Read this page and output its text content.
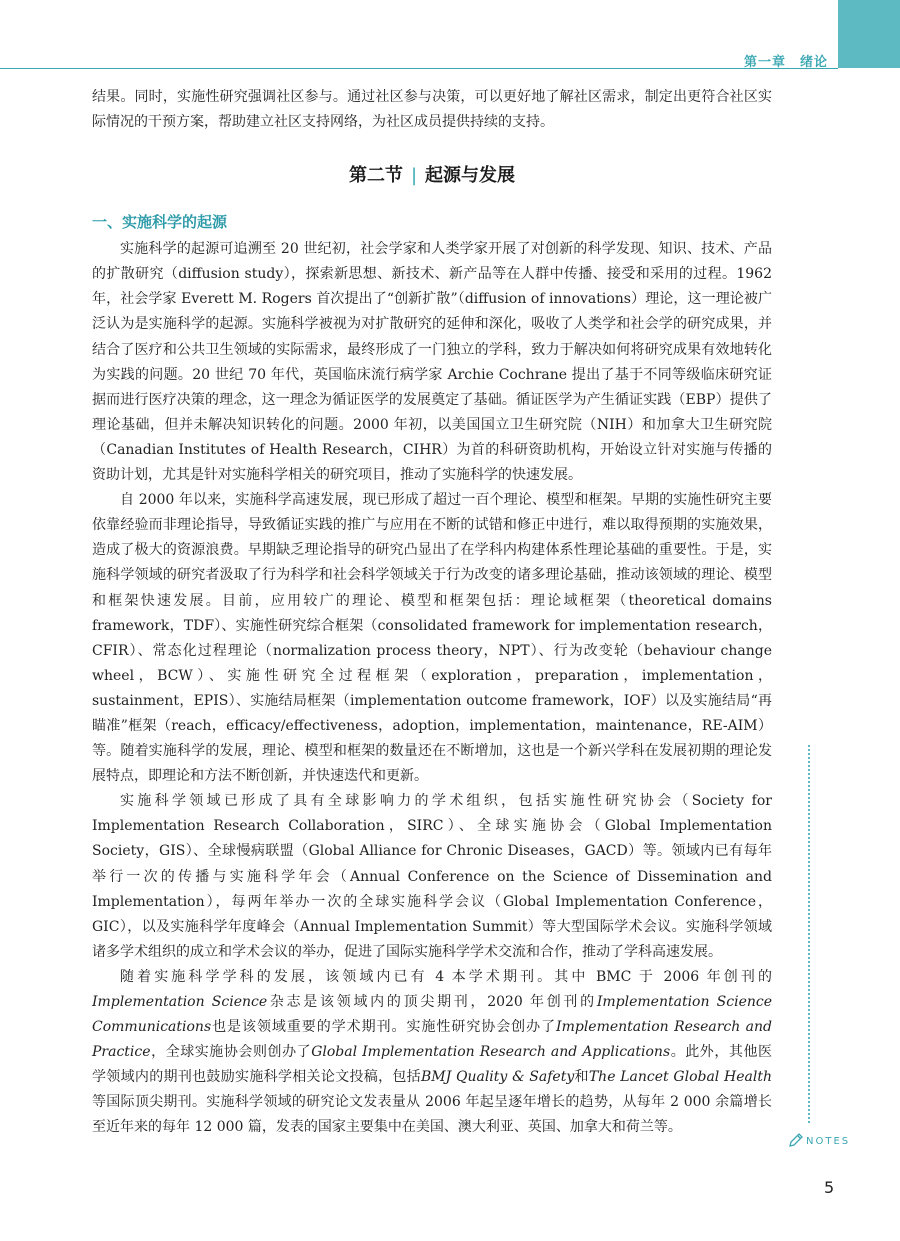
第一章　绪论

结果。同时，实施性研究强调社区参与。通过社区参与决策，可以更好地了解社区需求，制定出更符合社区实际情况的干预方案，帮助建立社区支持网络，为社区成员提供持续的支持。

第二节 | 起源与发展
一、实施科学的起源

实施科学的起源可追溯至 20 世纪初，社会学家和人类学家开展了对创新的科学发现、知识、技术、产品的扩散研究（diffusion study），探索新思想、新技术、新产品等在人群中传播、接受和采用的过程。1962 年，社会学家 Everett M. Rogers 首次提出了“创新扩散”（diffusion of innovations）理论，这一理论被广泛认为是实施科学的起源。实施科学被视为对扩散研究的延伸和深化，吸收了人类学和社会学的研究成果，并结合了医疗和公共卫生领域的实际需求，最终形成了一门独立的学科，致力于解决如何将研究成果有效地转化为实践的问题。20 世纪 70 年代，英国临床流行病学家 Archie Cochrane 提出了基于不同等级临床研究证据而进行医疗决策的理念，这一理念为循证医学的发展奠定了基础。循证医学为产生循证实践（EBP）提供了理论基础，但并未解决知识转化的问题。2000 年初，以美国国立卫生研究院（NIH）和加拿大卫生研究院（Canadian Institutes of Health Research，CIHR）为首的科研资助机构，开始设立针对实施与传播的资助计划，尤其是针对实施科学相关的研究项目，推动了实施科学的快速发展。

自 2000 年以来，实施科学高速发展，现已形成了超过一百个理论、模型和框架。早期的实施性研究主要依靠经验而非理论指导，导致循证实践的推广与应用在不断的试错和修正中进行，难以取得预期的实施效果，造成了极大的资源浪费。早期缺乏理论指导的研究凸显出了在学科内构建体系性理论基础的重要性。于是，实施科学领域的研究者汲取了行为科学和社会科学领域关于行为改变的诸多理论基础，推动该领域的理论、模型和框架快速发展。目前，应用较广的理论、模型和框架包括：理论域框架（theoretical domains framework，TDF）、实施性研究综合框架（consolidated framework for implementation research，CFIR）、常态化过程理论（normalization process theory，NPT）、行为改变轮（behaviour change wheel，BCW）、实施性研究全过程框架（exploration，preparation，implementation，sustainment，EPIS）、实施结局框架（implementation outcome framework，IOF）以及实施结局“再瞄准”框架（reach，efficacy/effectiveness，adoption，implementation，maintenance，RE-AIM）等。随着实施科学的发展，理论、模型和框架的数量还在不断增加，这也是一个新兴学科在发展初期的理论发展特点，即理论和方法不断创新，并快速迭代和更新。

实施科学领域已形成了具有全球影响力的学术组织，包括实施性研究协会（Society for Implementation Research Collaboration，SIRC）、全球实施协会（Global Implementation Society，GIS）、全球慢病联盟（Global Alliance for Chronic Diseases，GACD）等。领域内已有每年举行一次的传播与实施科学年会（Annual Conference on the Science of Dissemination and Implementation），每两年举办一次的全球实施科学会议（Global Implementation Conference，GIC），以及实施科学年度峰会（Annual Implementation Summit）等大型国际学术会议。实施科学领域诸多学术组织的成立和学术会议的举办，促进了国际实施科学学术交流和合作，推动了学科高速发展。

随着实施科学学科的发展，该领域内已有 4 本学术期刊。其中 BMC 于 2006 年创刊的Implementation Science杂志是该领域内的顶尖期刊，2020 年创刊的Implementation Science Communications也是该领域重要的学术期刊。实施性研究协会创办了Implementation Research and Practice，全球实施协会则创办了Global Implementation Research and Applications。此外，其他医学领域内的期刊也鼓励实施科学相关论文投稿，包括BMJ Quality & Safety和The Lancet Global Health等国际顶尖期刊。实施科学领域的研究论文发表量从 2006 年起呈逐年增长的趋势，从每年 2 000 余篇增长至近年来的每年 12 000 篇，发表的国家主要集中在美国、澳大利亚、英国、加拿大和荷兰等。

NOTES
5
